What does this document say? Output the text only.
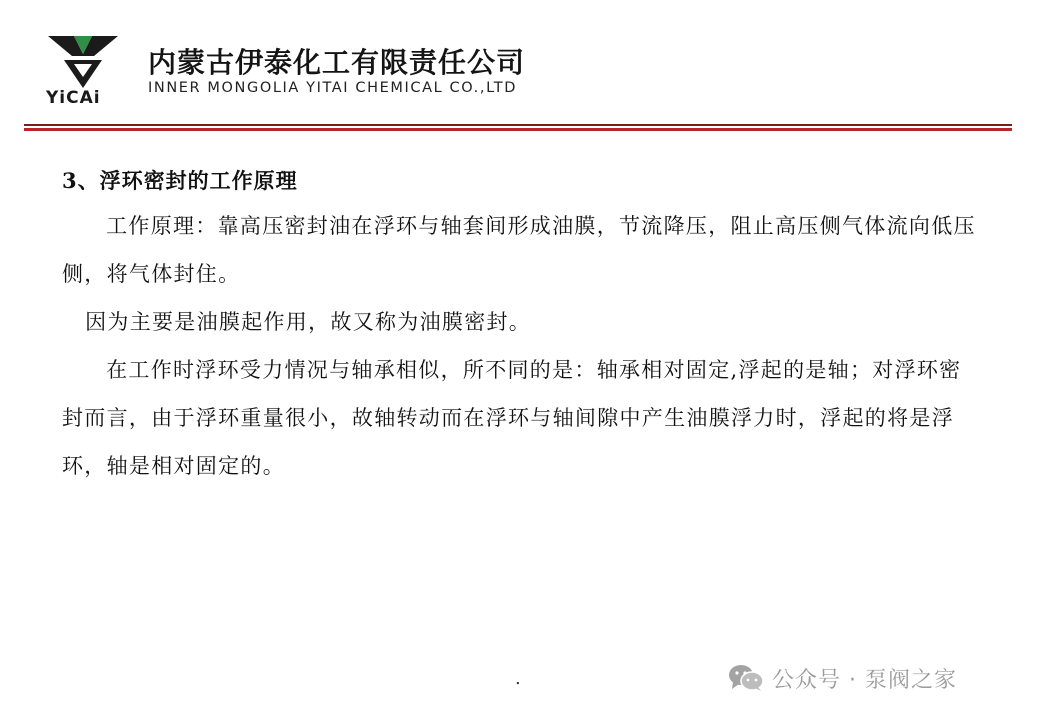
YiCAi
内蒙古伊泰化工有限责任公司
INNER MONGOLIA YITAI CHEMICAL CO.,LTD

3、浮环密封的工作原理

工作原理：靠高压密封油在浮环与轴套间形成油膜，节流降压，阻止高压侧气体流向低压侧，将气体封住。

因为主要是油膜起作用，故又称为油膜密封。

在工作时浮环受力情况与轴承相似，所不同的是：轴承相对固定,浮起的是轴；对浮环密封而言，由于浮环重量很小，故轴转动而在浮环与轴间隙中产生油膜浮力时，浮起的将是浮环，轴是相对固定的。

.	公众号 · 泵阀之家
